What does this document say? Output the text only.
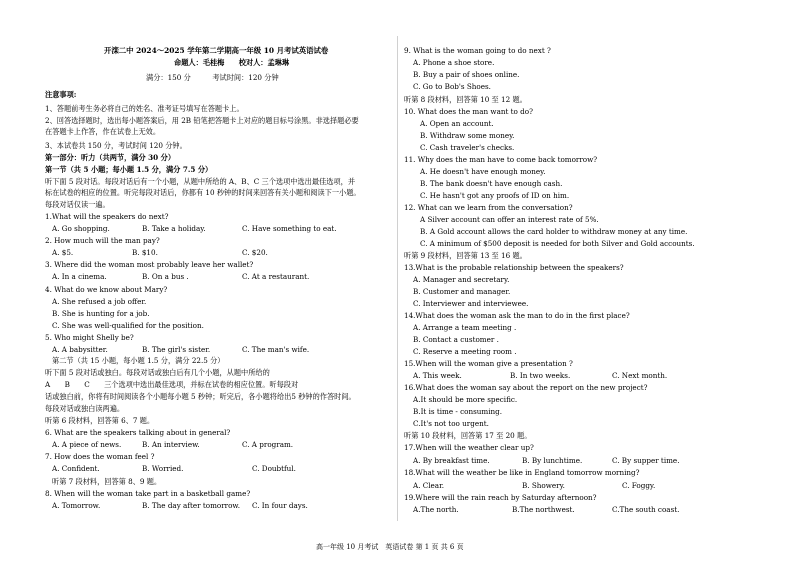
开滦二中 2024～2025 学年第二学期高一年级 10 月考试英语试卷
命题人：毛桂梅　　校对人：孟琳琳
满分：150 分　　　考试时间：120 分钟
注意事项:
1、答题前考生务必将自己的姓名、准考证号填写在答题卡上。
2、回答选择题时，选出每小题答案后，用 2B 铅笔把答题卡上对应的题目标号涂黑。非选择题必要
在答题卡上作答，作在试卷上无效。
3、本试卷共 150 分，考试时间 120 分钟。
第一部分：听力（共两节，满分 30 分）
第一节（共 5 小题；每小题 1.5 分，满分 7.5 分）
听下面 5 段对话。每段对话后有一个小题，从题中所给的 A、B、C 三个选项中选出最佳选项，并
标在试卷的相应的位置。听完每段对话后，你都有 10 秒钟的时间来回答有关小题和阅读下一小题。
每段对话仅读一遍。
1.What will the speakers do next?
A. Go shopping.	B. Take a holiday.	C. Have something to eat.
2. How much will the man pay?
A. $5.	B. $10.	C. $20.
3. Where did the woman most probably leave her wallet?
A. In a cinema.	B. On a bus .	C. At a restaurant.
4. What do we know about Mary?
A. She refused a job offer.
B. She is hunting for a job.
C. She was well-qualified for the position.
5. Who might Shelly be?
A. A babysitter.	B. The girl's sister.	C. The man's wife.
第二节（共 15 小题，每小题 1.5 分，满分 22.5 分）
听下面 5 段对话或独白。每段对话或独白后有几个小题，从题中所给的
A　　B　　C　　三个选项中选出最佳选项，并标在试卷的相应位置。听每段对
话或独白前，你将有时间阅读各个小题每小题 5 秒钟；听完后，各小题将给出5 秒钟的作答时间。
每段对话或独白读两遍。
听第 6 段材料，回答第 6、7 题。
6. What are the speakers talking about in general?
A. A piece of news.	B. An interview.	C. A program.
7. How does the woman feel ?
A. Confident.	B. Worried.	C. Doubtful.
听第 7 段材料，回答第 8、9 题。
8. When will the woman take part in a basketball game?
A. Tomorrow.	B. The day after tomorrow. C. In four days.
9. What is the woman going to do next ?
A. Phone a shoe store.
B. Buy a pair of shoes online.
C. Go to Bob's Shoes.
听第 8 段材料，回答第 10 至 12 题。
10. What does the man want to do?
A. Open an account.
B. Withdraw some money.
C. Cash traveler's checks.
11. Why does the man have to come back tomorrow?
A. He doesn't have enough money.
B. The bank doesn't have enough cash.
C. He hasn't got any proofs of ID on him.
12. What can we learn from the conversation?
A Silver account can offer an interest rate of 5%.
B. A Gold account allows the card holder to withdraw money at any time.
C. A minimum of $500 deposit is needed for both Silver and Gold accounts.
听第 9 段材料，回答第 13 至 16 题。
13.What is the probable relationship between the speakers?
A. Manager and secretary.
B. Customer and manager.
C. Interviewer and interviewee.
14.What does the woman ask the man to do in the first place?
A. Arrange a team meeting .
B. Contact a customer .
C. Reserve a meeting room .
15.When will the woman give a presentation ?
A. This week.	B. In two weeks.	C. Next month.
16.What does the woman say about the report on the new project?
A.It should be more specific.
B.It is time - consuming.
C.It's not too urgent.
听第 10 段材料，回答第 17 至 20 题。
17.When will the weather clear up?
A. By breakfast time.	B. By lunchtime.	C. By supper time.
18.What will the weather be like in England tomorrow morning?
A. Clear.	B. Showery.	C. Foggy.
19.Where will the rain reach by Saturday afternoon?
A.The north.	B.The northwest.	C.The south coast.
高一年级 10 月考试　英语试卷 第 1 页 共 6 页
